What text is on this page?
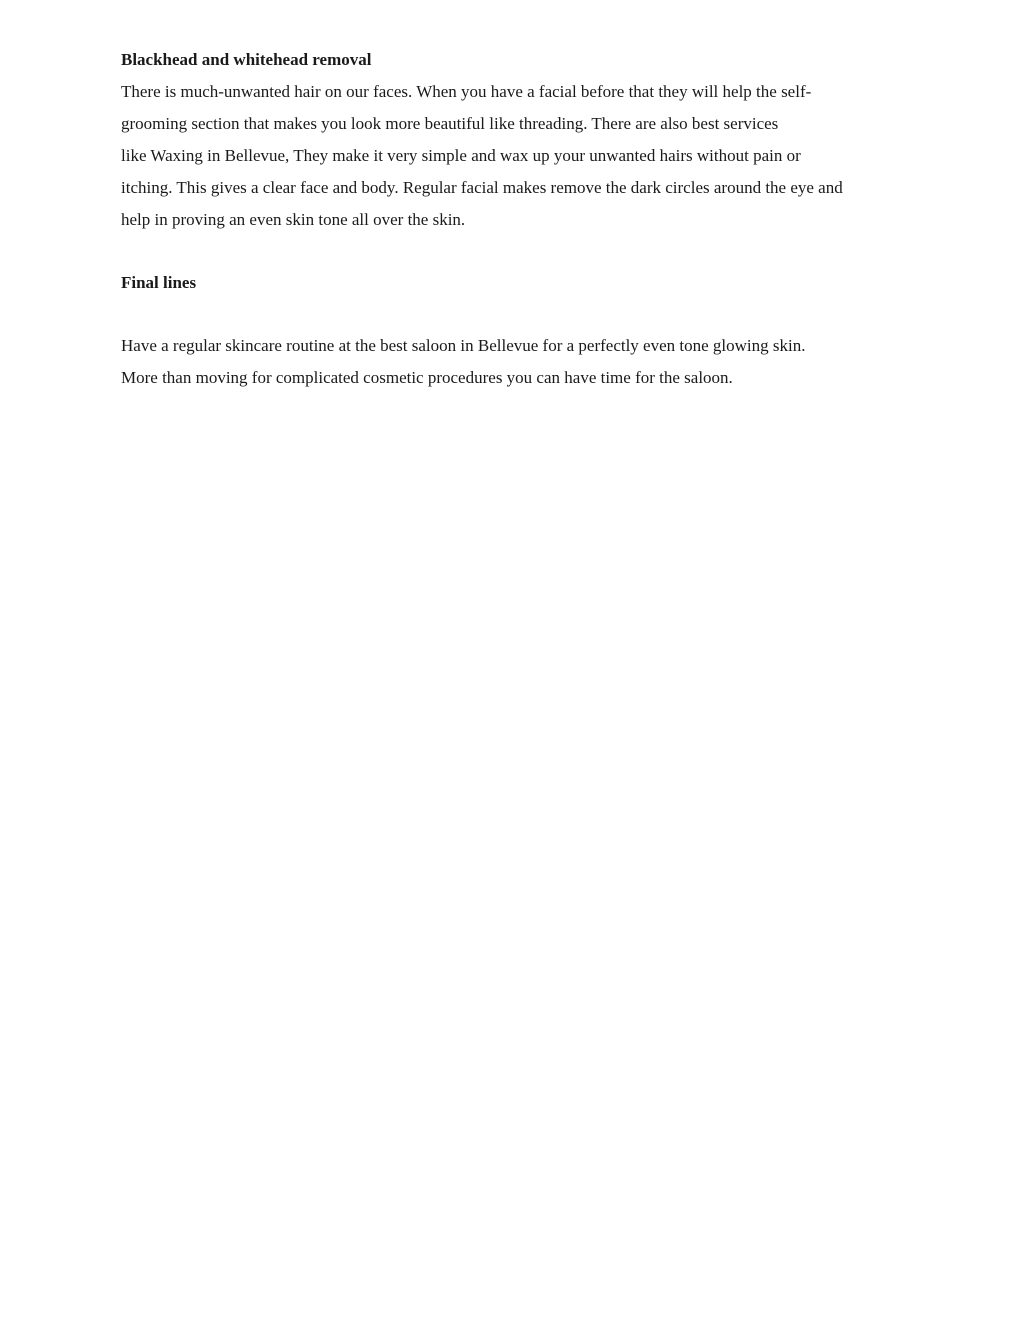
Blackhead and whitehead removal
There is much-unwanted hair on our faces. When you have a facial before that they will help the self-
grooming section that makes you look more beautiful like threading. There are also best services
like Waxing in Bellevue, They make it very simple and wax up your unwanted hairs without pain or
itching. This gives a clear face and body. Regular facial makes remove the dark circles around the eye and
help in proving an even skin tone all over the skin.
Final lines
Have a regular skincare routine at the best saloon in Bellevue for a perfectly even tone glowing skin.
More than moving for complicated cosmetic procedures you can have time for the saloon.
